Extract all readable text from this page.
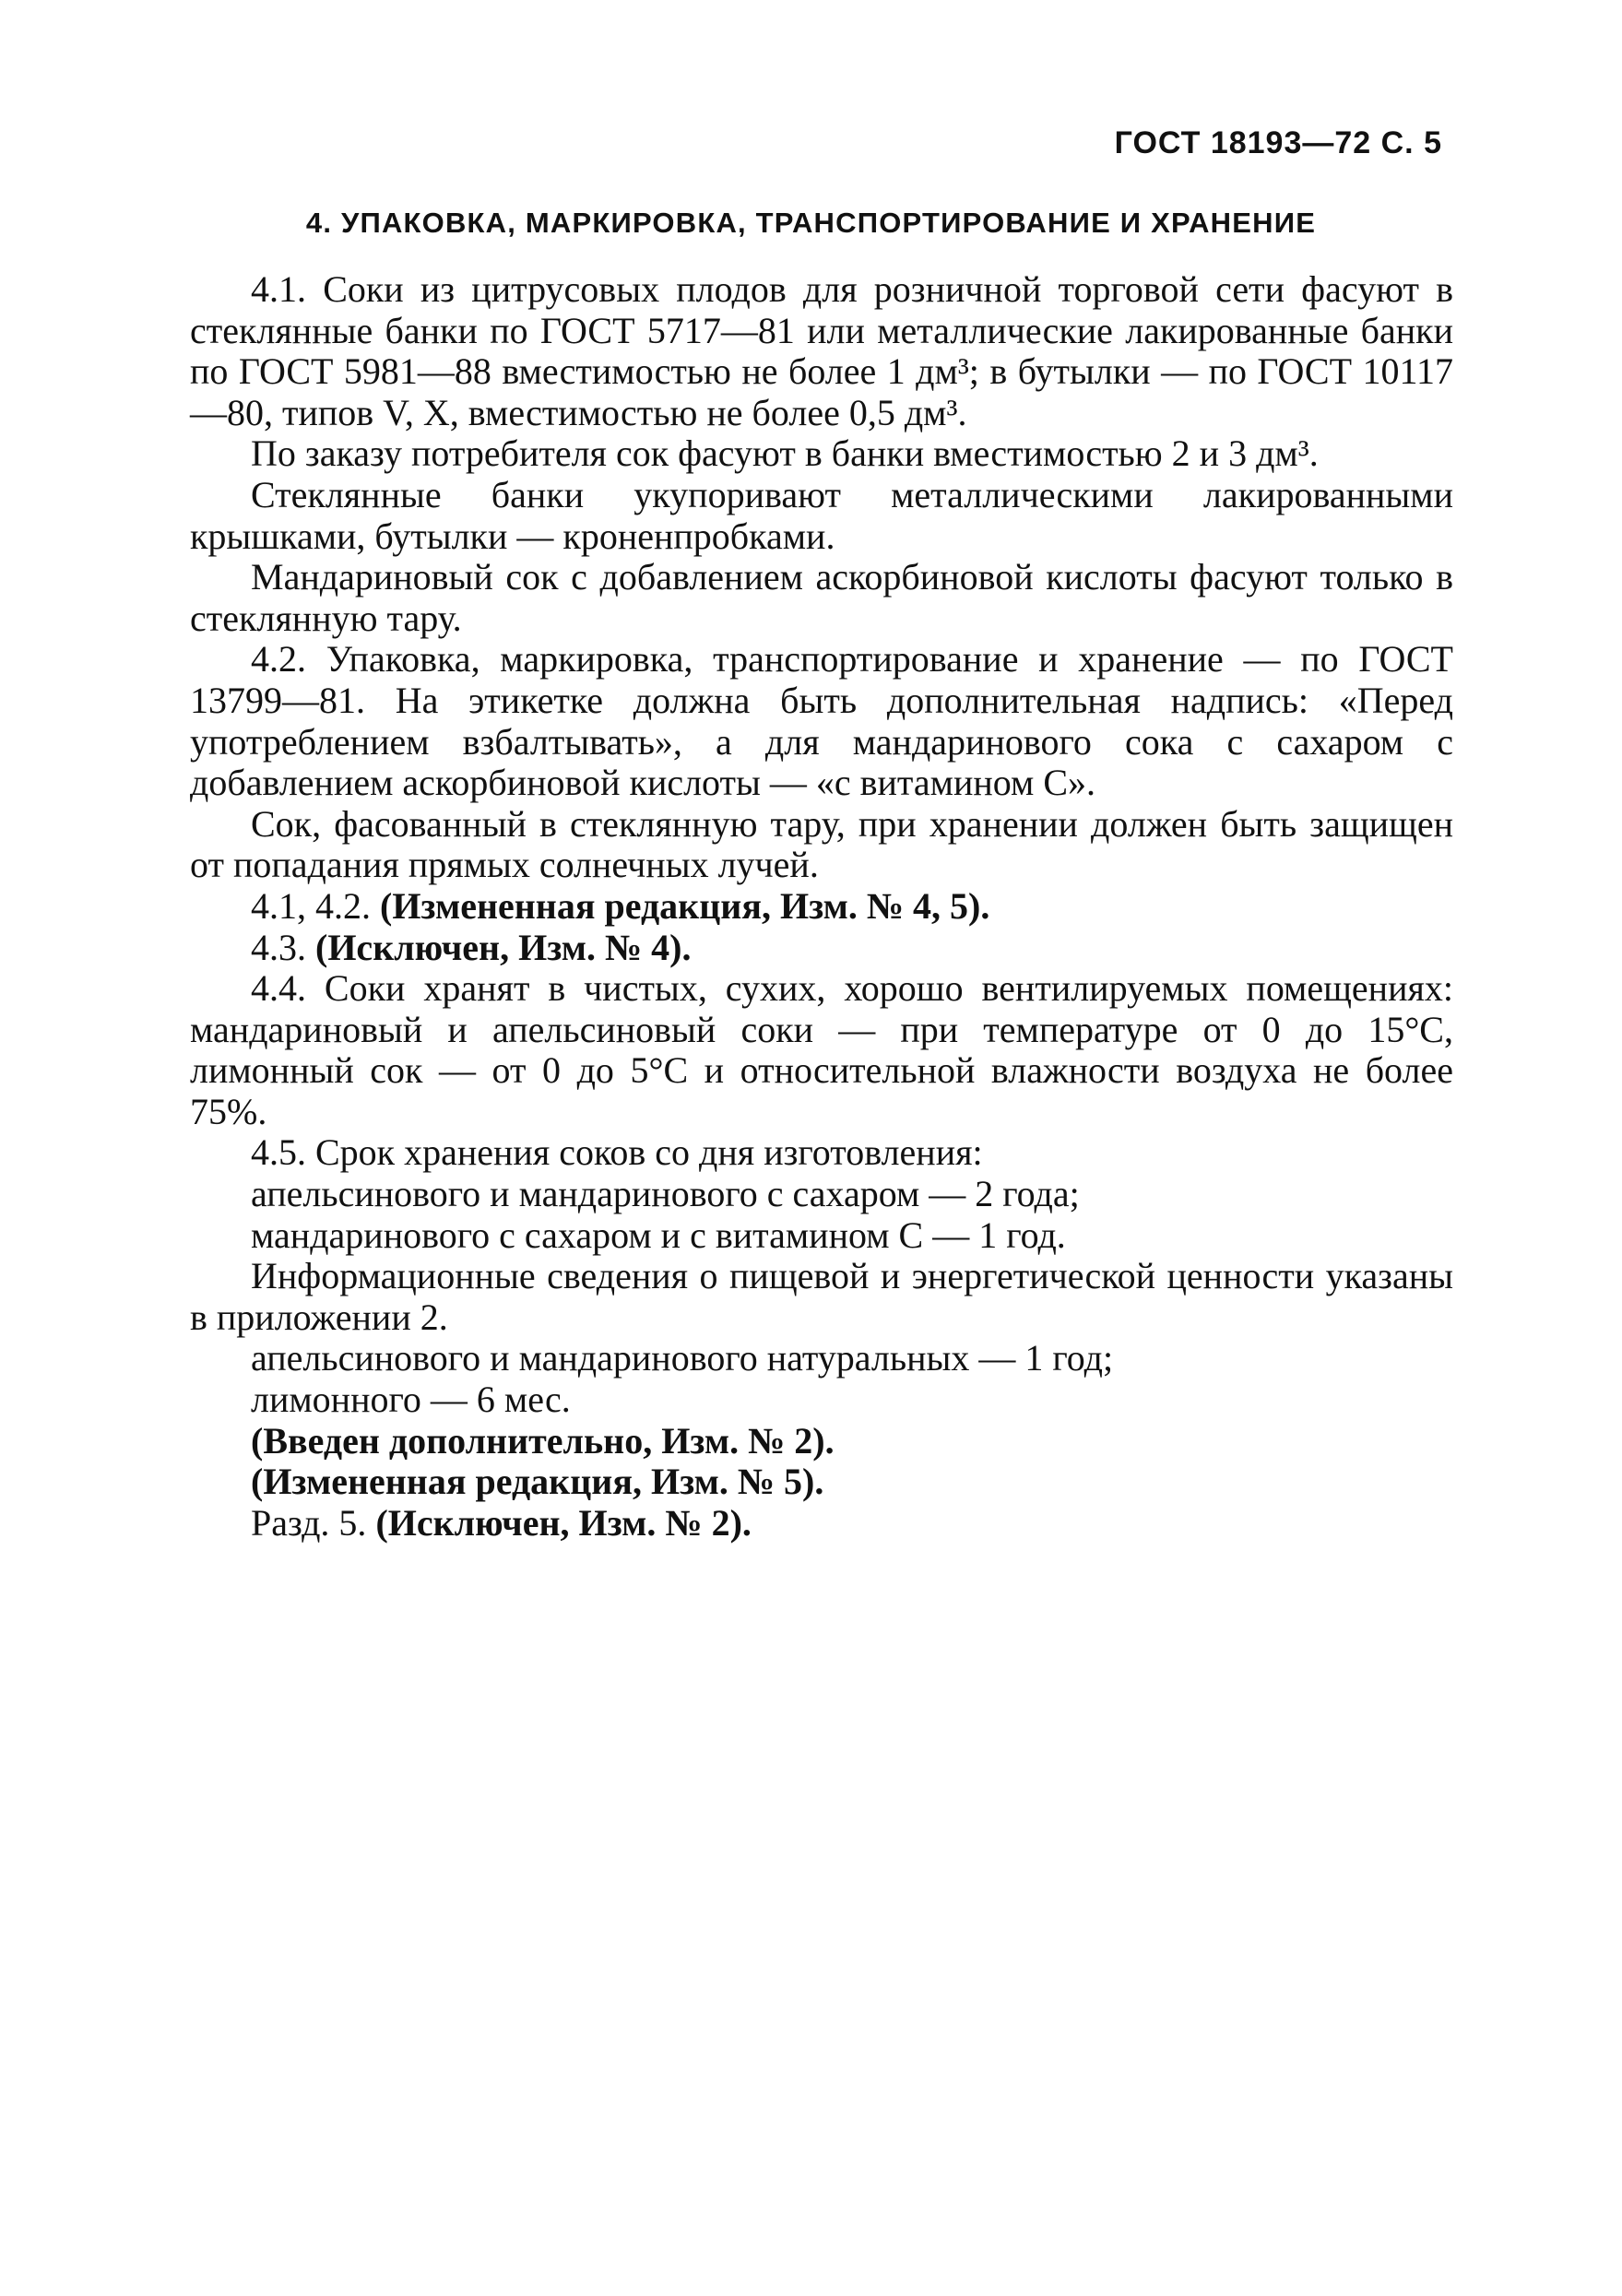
ГОСТ 18193—72 С. 5
4. УПАКОВКА, МАРКИРОВКА, ТРАНСПОРТИРОВАНИЕ И ХРАНЕНИЕ

4.1. Соки из цитрусовых плодов для розничной торговой сети фасуют в стеклянные банки по ГОСТ 5717—81 или металлические лакированные банки по ГОСТ 5981—88 вместимостью не более 1 дм³; в бутылки — по ГОСТ 10117—80, типов V, X, вместимостью не более 0,5 дм³.

По заказу потребителя сок фасуют в банки вместимостью 2 и 3 дм³.

Стеклянные банки укупоривают металлическими лакированными крышками, бутылки — кроненпробками.

Мандариновый сок с добавлением аскорбиновой кислоты фасуют только в стеклянную тару.

4.2. Упаковка, маркировка, транспортирование и хранение — по ГОСТ 13799—81. На этикетке должна быть дополнительная надпись: «Перед употреблением взбалтывать», а для мандаринового сока с сахаром с добавлением аскорбиновой кислоты — «с витамином С».

Сок, фасованный в стеклянную тару, при хранении должен быть защищен от попадания прямых солнечных лучей.

4.1, 4.2. (Измененная редакция, Изм. № 4, 5).

4.3. (Исключен, Изм. № 4).

4.4. Соки хранят в чистых, сухих, хорошо вентилируемых помещениях: мандариновый и апельсиновый соки — при температуре от 0 до 15°С, лимонный сок — от 0 до 5°С и относительной влажности воздуха не более 75%.

4.5. Срок хранения соков со дня изготовления:

апельсинового и мандаринового с сахаром — 2 года;

мандаринового с сахаром и с витамином С — 1 год.

Информационные сведения о пищевой и энергетической ценности указаны в приложении 2.

апельсинового и мандаринового натуральных — 1 год;

лимонного — 6 мес.

(Введен дополнительно, Изм. № 2).

(Измененная редакция, Изм. № 5).

Разд. 5. (Исключен, Изм. № 2).
